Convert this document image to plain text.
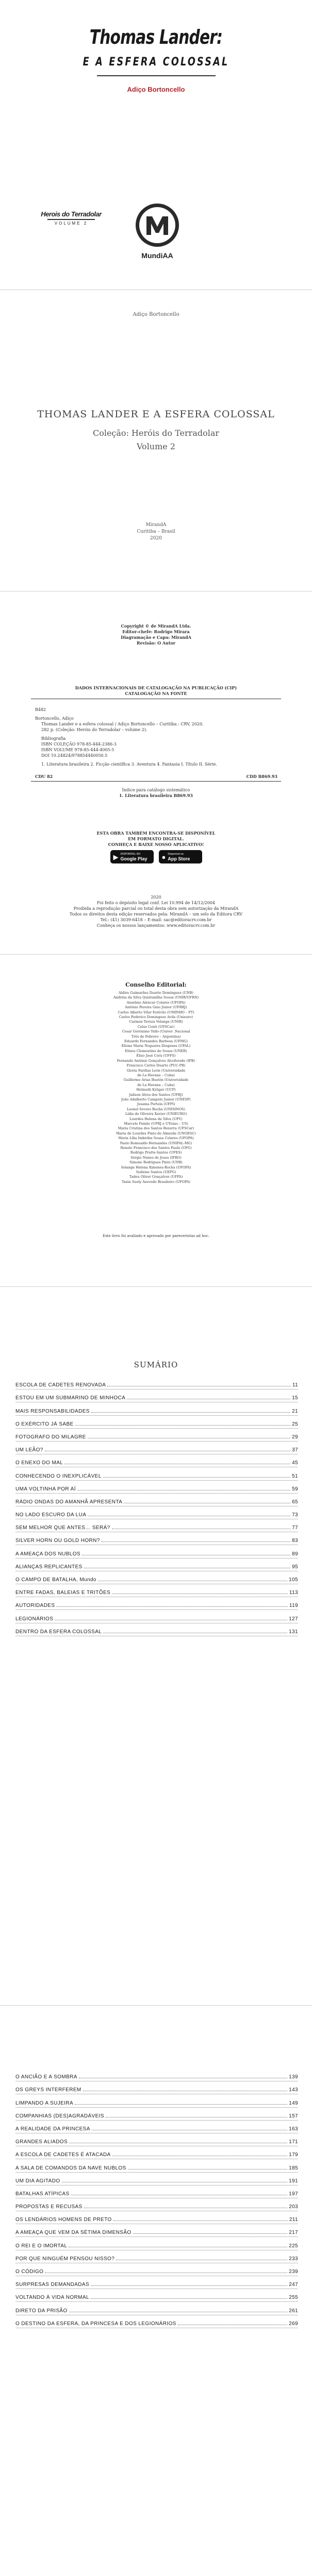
Thomas Lander:
E A ESFERA COLOSSAL
Adiço Bortoncello
Herois do Terradolar
VOLUME 2
MundiAA
Adiço Bortoncello
THOMAS LANDER E A ESFERA COLOSSAL
Coleção: Heróis do Terradolar
Volume 2
MirandA
Curitiba – Brasil
2020
Copyright © de MirandA Ltda.
Editor-chefe: Rodrigo Mirara
Diagramação e Capa: MirandA
Revisão: O Autor
DADOS INTERNACIONAIS DE CATALOGAÇÃO NA PUBLICAÇÃO (CIP)
CATALOGAÇÃO NA FONTE
B482
Bortoncello, Adiço
Thomas Lander e a esfera colossal / Adiço Bortoncello – Curitiba : CRV, 2020.
282 p. (Coleção: Heróis do Terradolar – volume 2).
Bibliografia
ISBN COLEÇÃO 978-85-444-2386-3
ISBN VOLUME 978-85-444-4005-5
DOI 10.24824/978854440050.5
1. Literatura brasileira 2. Ficção científica 3. Aventura 4. Fantasia I. Título II. Série.
CDU 82	CDD B869.93
Índice para catálogo sistemático
1. Literatura brasileira B869.93
ESTA OBRA TAMBÉM ENCONTRA-SE DISPONÍVEL
EM FORMATO DIGITAL.
CONHEÇA E BAIXE NOSSO APLICATIVO!
▶ DISPONÍVEL NO
Google Play ● Disponível na
App Store
2020
Foi feito o depósito legal conf. Lei 10.994 de 14/12/2004
Proibida a reprodução parcial ou total desta obra sem autorização da MirandA
Todos os direitos desta edição reservados pela: MirandA – um selo da Editora CRV
Tel.: (41) 3039-6418 – E-mail: sac@editoracrv.com.br
Conheça os nossos lançamentos: www.editoracrv.com.br
Conselho Editorial:
Aldira Guimarães Duarte Domínguez (UNB)
Andréia da Silva Quintanilha Sousa (UNIR/UFRN)
Anselmo Alencar Colares (UFOPA)
Antônio Pereira Gaio Júnior (UFRRJ)
Carlos Alberto Vilar Estêvão (UMINHO – PT)
Carlos Federico Dominguez Avila (Unieuro)
Carmen Tereza Velanga (UNIR)
Celso Conti (UFSCar)
Cesar Gerónimo Tello (Univer .Nacional
Três de Febrero – Argentina)
Eduardo Fernandes Barbosa (UFMG)
Elione Maria Nogueira Diogenes (UFAL)
Elizeu Clementino de Souza (UNEB)
Élsio José Corá (UFFS)
Fernando Antônio Gonçalves Alcoforado (IPB)
Francisco Carlos Duarte (PUC-PR)
Gloria Fariñas León (Universidade
de La Havana – Cuba)
Guillermo Arias Beatón (Universidade
de La Havana – Cuba)
Helmuth Krüger (UCP)
Jailson Alves dos Santos (UFRJ)
João Adalberto Campato Junior (UNESP)
Josania Portela (UFPI)
Leonel Severo Rocha (UNISINOS)
Lídia de Oliveira Xavier (UNIEURO)
Lourdes Helena da Silva (UFV)
Marcelo Paixão (UFRJ e UTexas – US)
Maria Cristina dos Santos Bezerra (UFSCar)
Maria de Lourdes Pinto de Almeida (UNOESC)
Maria Lília Imbiriba Sousa Colares (UFOPA)
Paulo Romualdo Hernandes (UNIFAL-MG)
Renato Francisco dos Santos Paula (UFG)
Rodrigo Pratte-Santos (UFES)
Sérgio Nunes de Jesus (IFRO)
Simone Rodrigues Pinto (UNB)
Solange Helena Ximenes-Rocha (UFOPA)
Sydione Santos (UEPG)
Tadeu Oliver Gonçalves (UFPA)
Tania Suely Azevedo Brasileiro (UFOPA)
Este livro foi avaliado e aprovado por pareceristas ad hoc.
SUMÁRIO
ESCOLA DE CADETES RENOVADA	11
ESTOU EM UM SUBMARINO DE MINHOCA	15
MAIS RESPONSABILIDADES	21
O EXÉRCITO JÁ SABE	25
FOTOGRAFO DO MILAGRE	29
UM LEÃO?	37
O ENEXO DO MAL	45
CONHECENDO O INEXPLICÁVEL	51
UMA VOLTINHA POR AÍ	59
RÁDIO ONDAS DO AMANHÃ APRESENTA	65
NO LADO ESCURO DA LUA	73
SEM MELHOR QUE ANTES… SERÁ?	77
SILVER HORN OU GOLD HORN?	83
A AMEAÇA DOS NUBLOS	89
ALIANÇAS REPLICANTES	95
O CAMPO DE BATALHA, Mundo	105
ENTRE FADAS, BALEIAS E TRITÕES	113
AUTORIDADES	119
LEGIONÁRIOS	127
DENTRO DA ESFERA COLOSSAL	131
O ANCIÃO E A SOMBRA	139
OS GREYS INTERFEREM	143
LIMPANDO A SUJEIRA	149
COMPANHIAS (DES)AGRADÁVEIS	157
A REALIDADE DA PRINCESA	163
GRANDES ALIADOS	171
A ESCOLA DE CADETES É ATACADA	179
A SALA DE COMANDOS DA NAVE NUBLOS	185
UM DIA AGITADO	191
BATALHAS ATÍPICAS	197
PROPOSTAS E RECUSAS	203
OS LENDÁRIOS HOMENS DE PRETO	211
A AMEAÇA QUE VEM DA SÉTIMA DIMENSÃO	217
O REI E O IMORTAL	225
POR QUE NINGUÉM PENSOU NISSO?	233
O CÓDIGO	239
SURPRESAS DEMANDADAS	247
VOLTANDO À VIDA NORMAL	255
DIRETO DA PRISÃO	261
O DESTINO DA ESFERA, DA PRINCESA E DOS LEGIONÁRIOS	269
